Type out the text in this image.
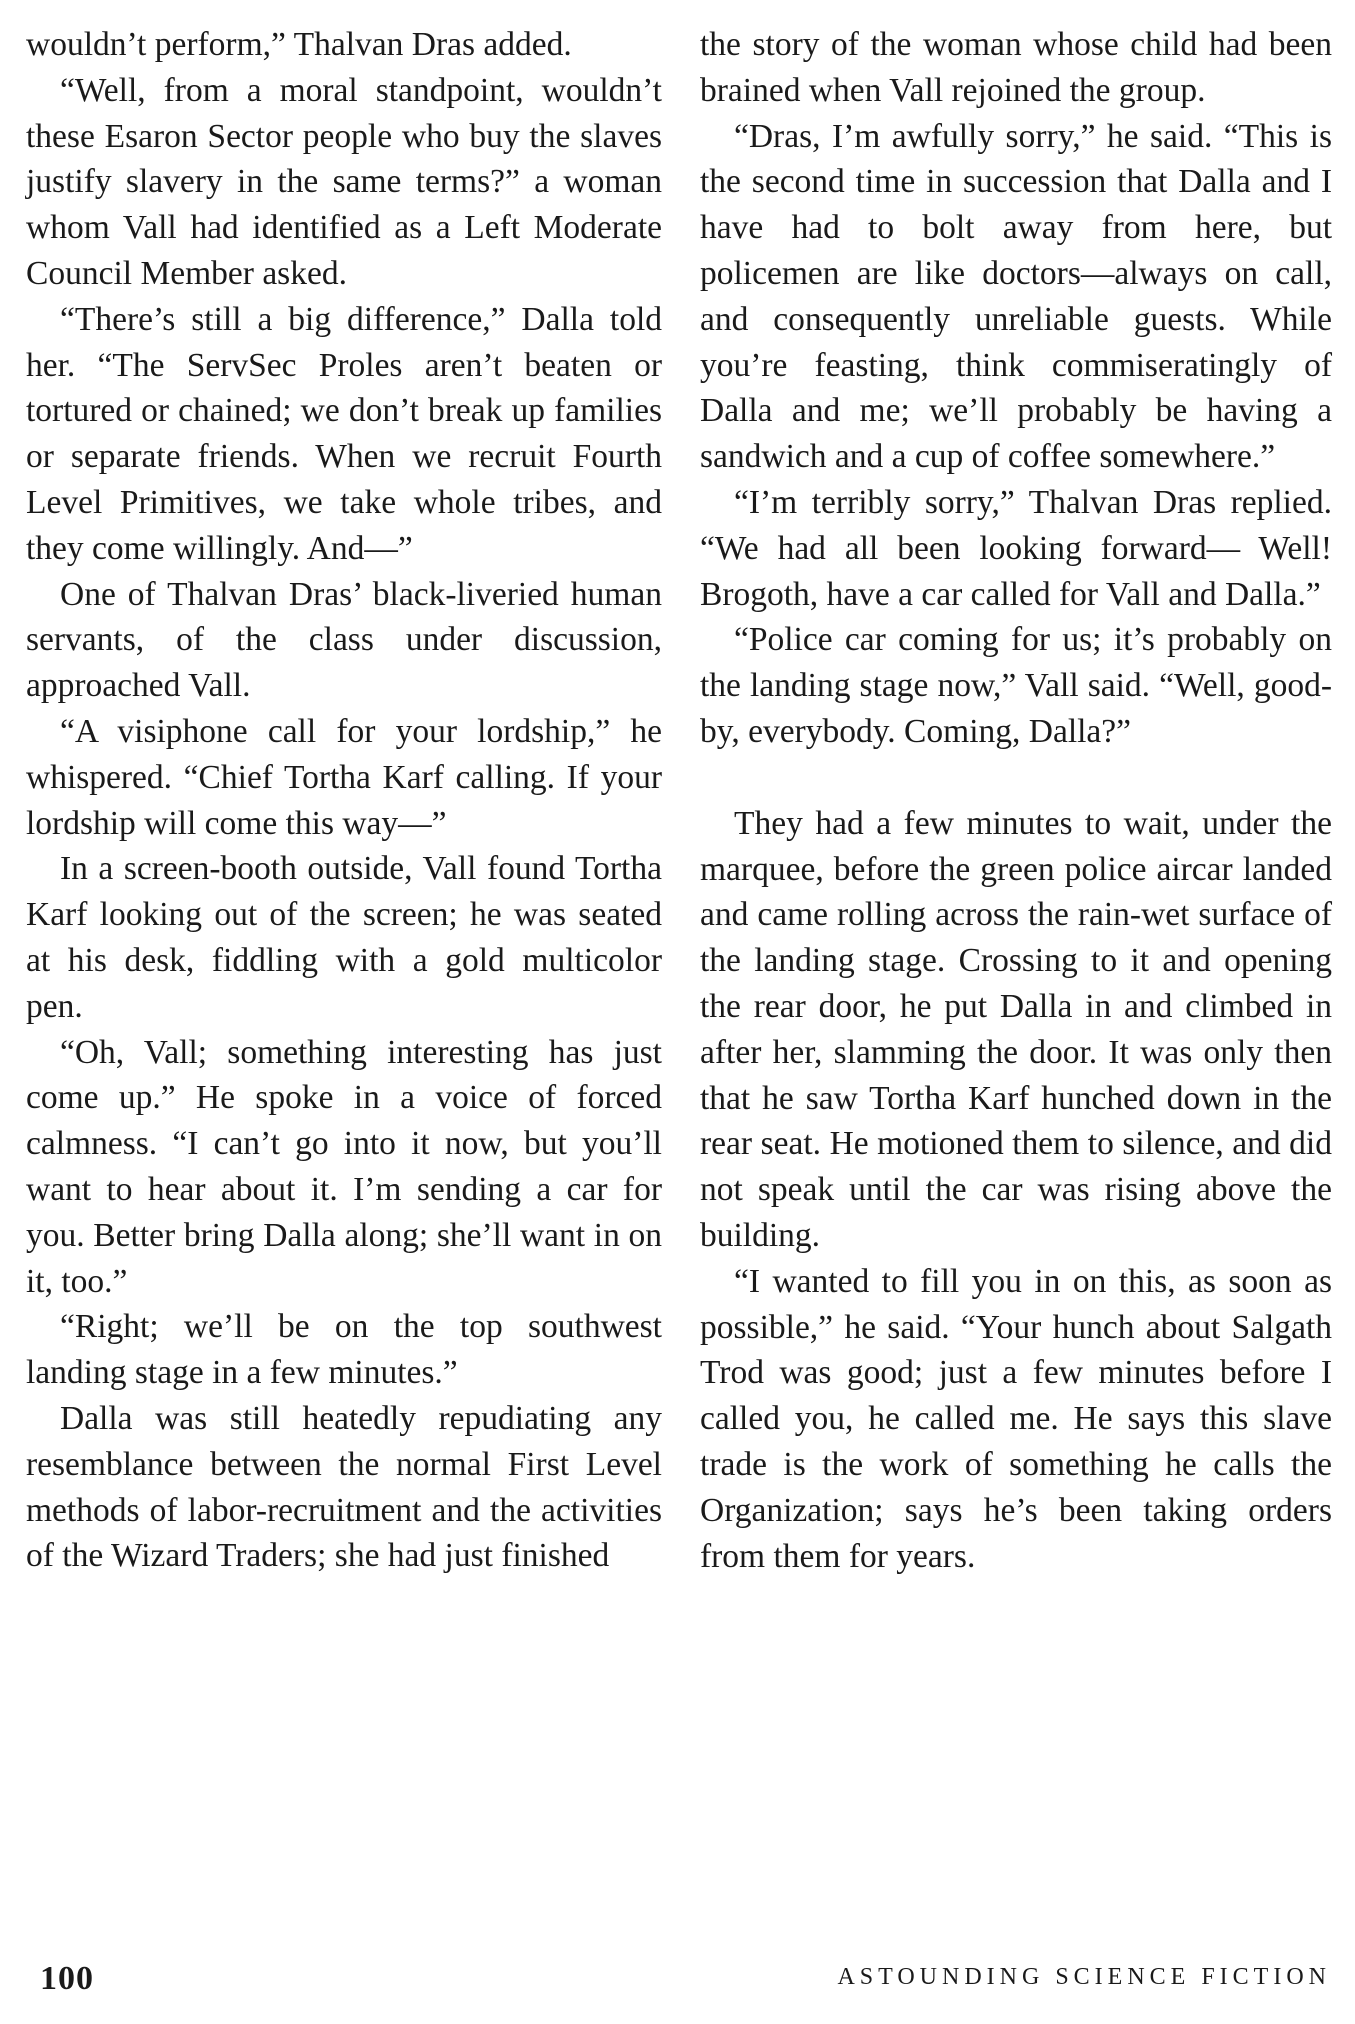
wouldn’t perform,” Thalvan Dras added.

“Well, from a moral standpoint, wouldn’t these Esaron Sector people who buy the slaves justify slavery in the same terms?” a woman whom Vall had identified as a Left Moderate Council Member asked.

“There’s still a big difference,” Dalla told her. “The ServSec Proles aren’t beaten or tortured or chained; we don’t break up families or separate friends. When we recruit Fourth Level Primitives, we take whole tribes, and they come willingly. And—”

One of Thalvan Dras’ black-liveried human servants, of the class under discussion, approached Vall.

“A visiphone call for your lordship,” he whispered. “Chief Tortha Karf calling. If your lordship will come this way—”

In a screen-booth outside, Vall found Tortha Karf looking out of the screen; he was seated at his desk, fiddling with a gold multicolor pen.

“Oh, Vall; something interesting has just come up.” He spoke in a voice of forced calmness. “I can’t go into it now, but you’ll want to hear about it. I’m sending a car for you. Better bring Dalla along; she’ll want in on it, too.”

“Right; we’ll be on the top southwest landing stage in a few minutes.”

Dalla was still heatedly repudiating any resemblance between the normal First Level methods of labor-recruitment and the activities of the Wizard Traders; she had just finished

the story of the woman whose child had been brained when Vall rejoined the group.

“Dras, I’m awfully sorry,” he said. “This is the second time in succession that Dalla and I have had to bolt away from here, but policemen are like doctors—always on call, and consequently unreliable guests. While you’re feasting, think commiseratingly of Dalla and me; we’ll probably be having a sandwich and a cup of coffee somewhere.”

“I’m terribly sorry,” Thalvan Dras replied. “We had all been looking forward— Well! Brogoth, have a car called for Vall and Dalla.”

“Police car coming for us; it’s probably on the landing stage now,” Vall said. “Well, good-by, everybody. Coming, Dalla?”

They had a few minutes to wait, under the marquee, before the green police aircar landed and came rolling across the rain-wet surface of the landing stage. Crossing to it and opening the rear door, he put Dalla in and climbed in after her, slamming the door. It was only then that he saw Tortha Karf hunched down in the rear seat. He motioned them to silence, and did not speak until the car was rising above the building.

“I wanted to fill you in on this, as soon as possible,” he said. “Your hunch about Salgath Trod was good; just a few minutes before I called you, he called me. He says this slave trade is the work of something he calls the Organization; says he’s been taking orders from them for years.

100	ASTOUNDING SCIENCE FICTION
